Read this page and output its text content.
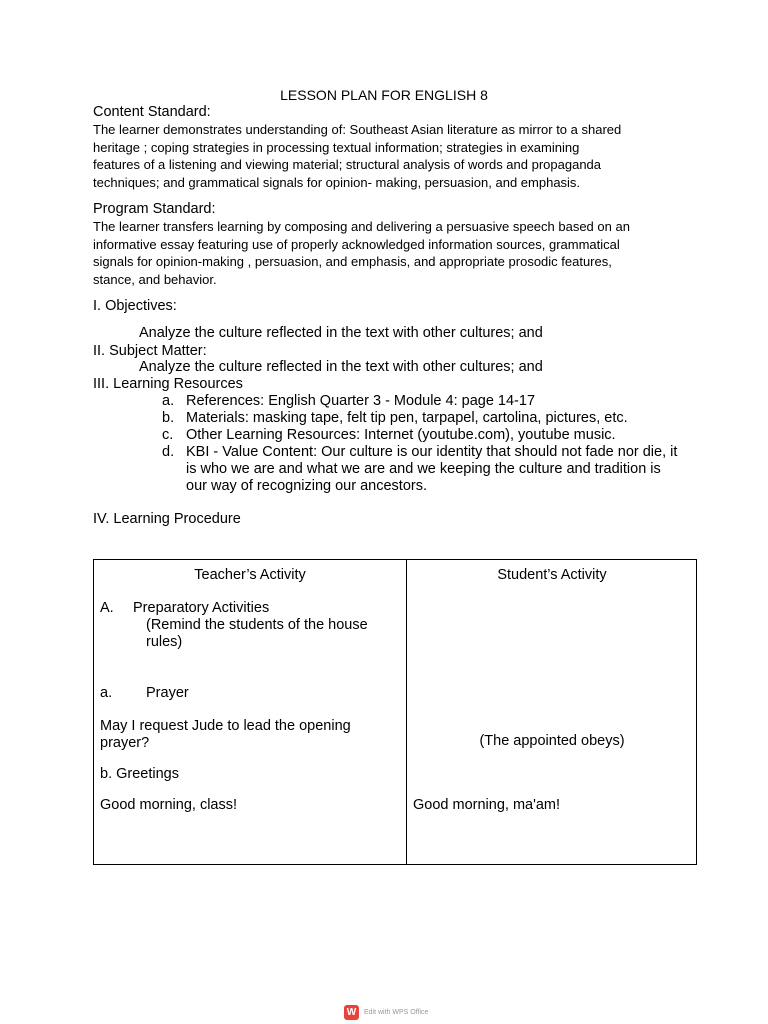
LESSON PLAN FOR ENGLISH 8
Content Standard:
The learner demonstrates understanding of: Southeast Asian literature as mirror to a shared
heritage ; coping strategies in processing textual information; strategies in examining
features of a listening and viewing material; structural analysis of words and propaganda
techniques; and grammatical signals for opinion- making, persuasion, and emphasis.
Program Standard:
The learner transfers learning by composing and delivering a persuasive speech based on an
informative essay featuring use of properly acknowledged information sources, grammatical
signals for opinion-making , persuasion, and emphasis, and appropriate prosodic features,
stance, and behavior.
I. Objectives:
Analyze the culture reflected in the text with other cultures; and
II. Subject Matter:
Analyze the culture reflected in the text with other cultures; and
III. Learning Resources
a. References: English Quarter 3 - Module 4: page 14-17
b. Materials: masking tape, felt tip pen, tarpapel, cartolina, pictures, etc.
c. Other Learning Resources: Internet (youtube.com), youtube music.
d. KBI - Value Content: Our culture is our identity that should not fade nor die, it is who we are and what we are and we keeping the culture and tradition is our way of recognizing our ancestors.
IV. Learning Procedure
Teacher’s Activity	Student’s Activity
A. Preparatory Activities
(Remind the students of the house
rules)
a. Prayer
May I request Jude to lead the opening
prayer?
b. Greetings
Good morning, class!
(The appointed obeys)
Good morning, ma'am!
W	Edit with WPS Office
